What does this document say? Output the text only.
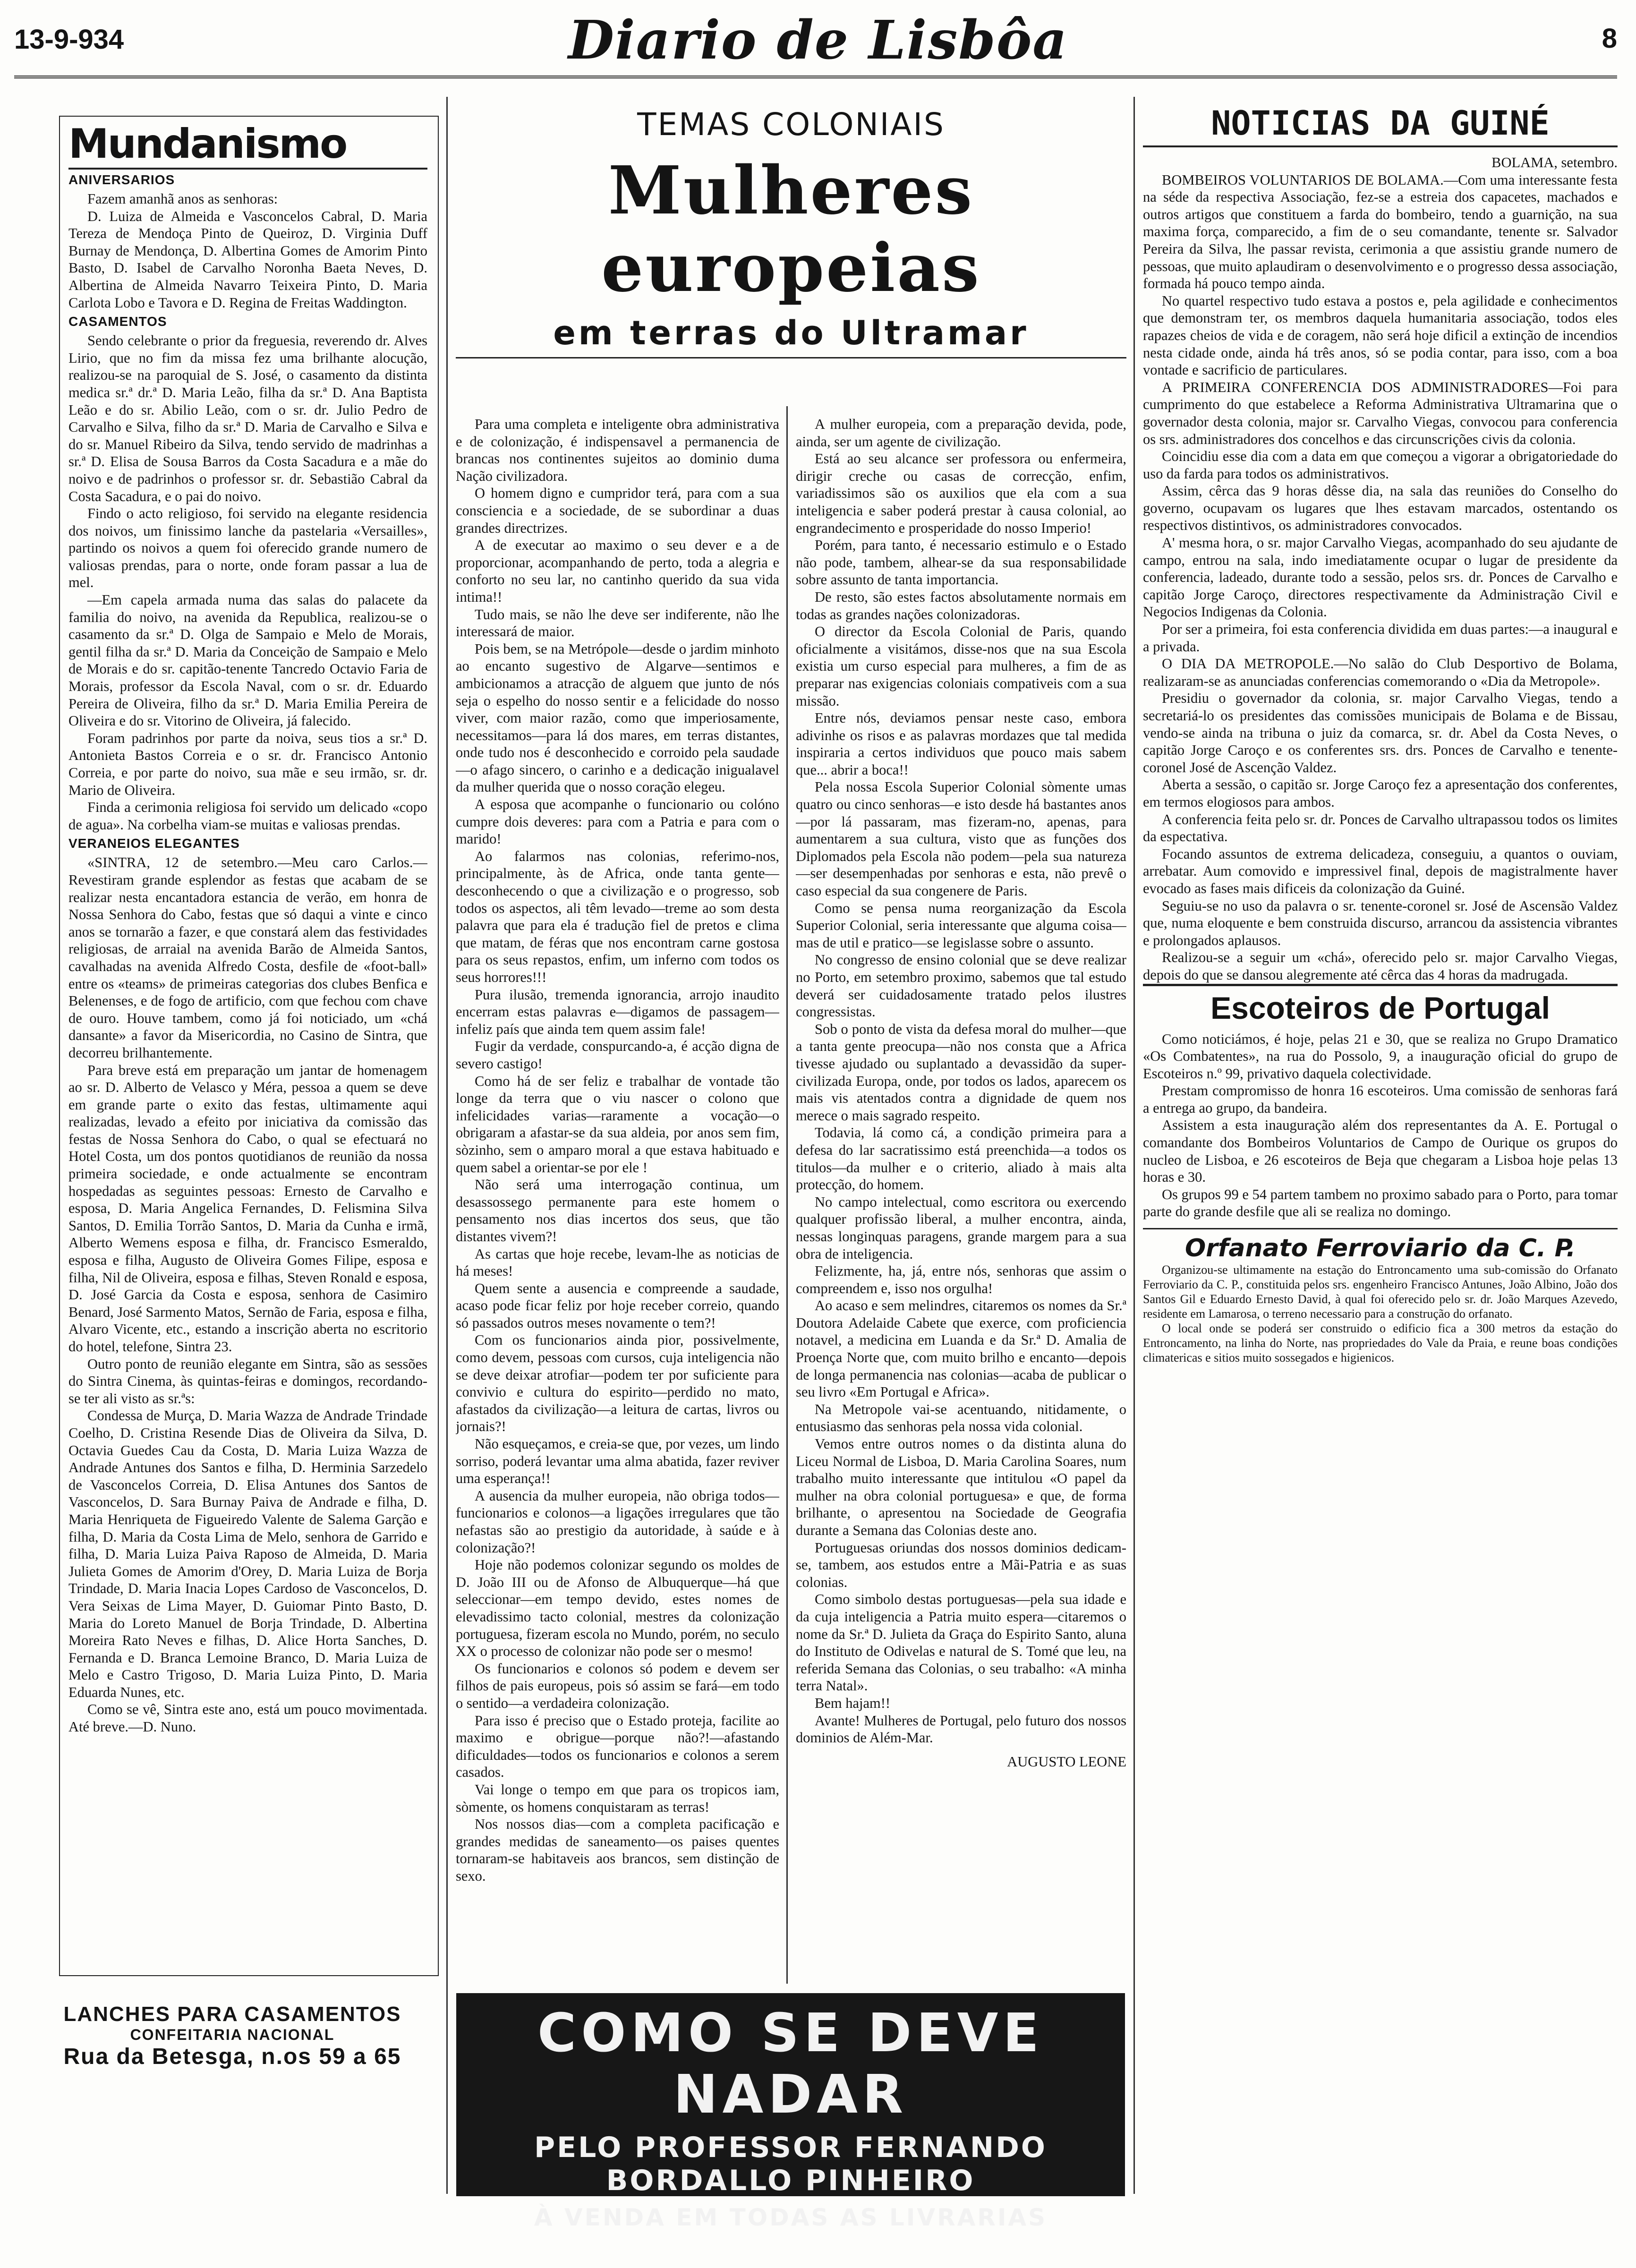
13-9-934	Diario de Lisbôa	8
Mundanismo

ANIVERSARIOS

Fazem amanhã anos as senhoras:

D. Luiza de Almeida e Vasconcelos Cabral, D. Maria Tereza de Mendoça Pinto de Queiroz, D. Virginia Duff Burnay de Mendonça, D. Albertina Gomes de Amorim Pinto Basto, D. Isabel de Carvalho Noronha Baeta Neves, D. Albertina de Almeida Navarro Teixeira Pinto, D. Maria Carlota Lobo e Tavora e D. Regina de Freitas Waddington.

CASAMENTOS

Sendo celebrante o prior da freguesia, reverendo dr. Alves Lirio, que no fim da missa fez uma brilhante alocução, realizou-se na paroquial de S. José, o casamento da distinta medica sr.ª dr.ª D. Maria Leão, filha da sr.ª D. Ana Baptista Leão e do sr. Abilio Leão, com o sr. dr. Julio Pedro de Carvalho e Silva, filho da sr.ª D. Maria de Carvalho e Silva e do sr. Manuel Ribeiro da Silva, tendo servido de madrinhas a sr.ª D. Elisa de Sousa Barros da Costa Sacadura e a mãe do noivo e de padrinhos o professor sr. dr. Sebastião Cabral da Costa Sacadura, e o pai do noivo.

Findo o acto religioso, foi servido na elegante residencia dos noivos, um finissimo lanche da pastelaria «Versailles», partindo os noivos a quem foi oferecido grande numero de valiosas prendas, para o norte, onde foram passar a lua de mel.

—Em capela armada numa das salas do palacete da familia do noivo, na avenida da Republica, realizou-se o casamento da sr.ª D. Olga de Sampaio e Melo de Morais, gentil filha da sr.ª D. Maria da Conceição de Sampaio e Melo de Morais e do sr. capitão-tenente Tancredo Octavio Faria de Morais, professor da Escola Naval, com o sr. dr. Eduardo Pereira de Oliveira, filho da sr.ª D. Maria Emilia Pereira de Oliveira e do sr. Vitorino de Oliveira, já falecido.

Foram padrinhos por parte da noiva, seus tios a sr.ª D. Antonieta Bastos Correia e o sr. dr. Francisco Antonio Correia, e por parte do noivo, sua mãe e seu irmão, sr. dr. Mario de Oliveira.

Finda a cerimonia religiosa foi servido um delicado «copo de agua». Na corbelha viam-se muitas e valiosas prendas.

VERANEIOS ELEGANTES

«SINTRA, 12 de setembro.—Meu caro Carlos.—Revestiram grande esplendor as festas que acabam de se realizar nesta encantadora estancia de verão, em honra de Nossa Senhora do Cabo, festas que só daqui a vinte e cinco anos se tornarão a fazer, e que constará alem das festividades religiosas, de arraial na avenida Barão de Almeida Santos, cavalhadas na avenida Alfredo Costa, desfile de «foot-ball» entre os «teams» de primeiras categorias dos clubes Benfica e Belenenses, e de fogo de artificio, com que fechou com chave de ouro. Houve tambem, como já foi noticiado, um «chá dansante» a favor da Misericordia, no Casino de Sintra, que decorreu brilhantemente.

Para breve está em preparação um jantar de homenagem ao sr. D. Alberto de Velasco y Méra, pessoa a quem se deve em grande parte o exito das festas, ultimamente aqui realizadas, levado a efeito por iniciativa da comissão das festas de Nossa Senhora do Cabo, o qual se efectuará no Hotel Costa, um dos pontos quotidianos de reunião da nossa primeira sociedade, e onde actualmente se encontram hospedadas as seguintes pessoas: Ernesto de Carvalho e esposa, D. Maria Angelica Fernandes, D. Felismina Silva Santos, D. Emilia Torrão Santos, D. Maria da Cunha e irmã, Alberto Wemens esposa e filha, dr. Francisco Esmeraldo, esposa e filha, Augusto de Oliveira Gomes Filipe, esposa e filha, Nil de Oliveira, esposa e filhas, Steven Ronald e esposa, D. José Garcia da Costa e esposa, senhora de Casimiro Benard, José Sarmento Matos, Sernão de Faria, esposa e filha, Alvaro Vicente, etc., estando a inscrição aberta no escritorio do hotel, telefone, Sintra 23.

Outro ponto de reunião elegante em Sintra, são as sessões do Sintra Cinema, às quintas-feiras e domingos, recordando-se ter ali visto as sr.ªs:

Condessa de Murça, D. Maria Wazza de Andrade Trindade Coelho, D. Cristina Resende Dias de Oliveira da Silva, D. Octavia Guedes Cau da Costa, D. Maria Luiza Wazza de Andrade Antunes dos Santos e filha, D. Herminia Sarzedelo de Vasconcelos Correia, D. Elisa Antunes dos Santos de Vasconcelos, D. Sara Burnay Paiva de Andrade e filha, D. Maria Henriqueta de Figueiredo Valente de Salema Garção e filha, D. Maria da Costa Lima de Melo, senhora de Garrido e filha, D. Maria Luiza Paiva Raposo de Almeida, D. Maria Julieta Gomes de Amorim d'Orey, D. Maria Luiza de Borja Trindade, D. Maria Inacia Lopes Cardoso de Vasconcelos, D. Vera Seixas de Lima Mayer, D. Guiomar Pinto Basto, D. Maria do Loreto Manuel de Borja Trindade, D. Albertina Moreira Rato Neves e filhas, D. Alice Horta Sanches, D. Fernanda e D. Branca Lemoine Branco, D. Maria Luiza de Melo e Castro Trigoso, D. Maria Luiza Pinto, D. Maria Eduarda Nunes, etc.

Como se vê, Sintra este ano, está um pouco movimentada. Até breve.—D. Nuno.

LANCHES PARA CASAMENTOS
CONFEITARIA NACIONAL
Rua da Betesga, n.os 59 a 65
TEMAS COLONIAIS
Mulheres europeias
em terras do Ultramar

Para uma completa e inteligente obra administrativa e de colonização, é indispensavel a permanencia de brancas nos continentes sujeitos ao dominio duma Nação civilizadora.

O homem digno e cumpridor terá, para com a sua consciencia e a sociedade, de se subordinar a duas grandes directrizes.

A de executar ao maximo o seu dever e a de proporcionar, acompanhando de perto, toda a alegria e conforto no seu lar, no cantinho querido da sua vida intima!!

Tudo mais, se não lhe deve ser indiferente, não lhe interessará de maior.

Pois bem, se na Metrópole—desde o jardim minhoto ao encanto sugestivo de Algarve—sentimos e ambicionamos a atracção de alguem que junto de nós seja o espelho do nosso sentir e a felicidade do nosso viver, com maior razão, como que imperiosamente, necessitamos—para lá dos mares, em terras distantes, onde tudo nos é desconhecido e corroido pela saudade—o afago sincero, o carinho e a dedicação inigualavel da mulher querida que o nosso coração elegeu.

A esposa que acompanhe o funcionario ou colóno cumpre dois deveres: para com a Patria e para com o marido!

Ao falarmos nas colonias, referimo-nos, principalmente, às de Africa, onde tanta gente—desconhecendo o que a civilização e o progresso, sob todos os aspectos, ali têm levado—treme ao som desta palavra que para ela é tradução fiel de pretos e clima que matam, de féras que nos encontram carne gostosa para os seus repastos, enfim, um inferno com todos os seus horrores!!!

Pura ilusão, tremenda ignorancia, arrojo inaudito encerram estas palavras e—digamos de passagem—infeliz país que ainda tem quem assim fale!

Fugir da verdade, conspurcando-a, é acção digna de severo castigo!

Como há de ser feliz e trabalhar de vontade tão longe da terra que o viu nascer o colono que infelicidades varias—raramente a vocação—o obrigaram a afastar-se da sua aldeia, por anos sem fim, sòzinho, sem o amparo moral a que estava habituado e quem sabel a orientar-se por ele !

Não será uma interrogação continua, um desassossego permanente para este homem o pensamento nos dias incertos dos seus, que tão distantes vivem?!

As cartas que hoje recebe, levam-lhe as noticias de há meses!

Quem sente a ausencia e compreende a saudade, acaso pode ficar feliz por hoje receber correio, quando só passados outros meses novamente o tem?!

Com os funcionarios ainda pior, possivelmente, como devem, pessoas com cursos, cuja inteligencia não se deve deixar atrofiar—podem ter por suficiente para convivio e cultura do espirito—perdido no mato, afastados da civilização—a leitura de cartas, livros ou jornais?!

Não esqueçamos, e creia-se que, por vezes, um lindo sorriso, poderá levantar uma alma abatida, fazer reviver uma esperança!!

A ausencia da mulher europeia, não obriga todos—funcionarios e colonos—a ligações irregulares que tão nefastas são ao prestigio da autoridade, à saúde e à colonização?!

Hoje não podemos colonizar segundo os moldes de D. João III ou de Afonso de Albuquerque—há que seleccionar—em tempo devido, estes nomes de elevadissimo tacto colonial, mestres da colonização portuguesa, fizeram escola no Mundo, porém, no seculo XX o processo de colonizar não pode ser o mesmo!

Os funcionarios e colonos só podem e devem ser filhos de pais europeus, pois só assim se fará—em todo o sentido—a verdadeira colonização.

Para isso é preciso que o Estado proteja, facilite ao maximo e obrigue—porque não?!—afastando dificuldades—todos os funcionarios e colonos a serem casados.

Vai longe o tempo em que para os tropicos iam, sòmente, os homens conquistaram as terras!

Nos nossos dias—com a completa pacificação e grandes medidas de saneamento—os paises quentes tornaram-se habitaveis aos brancos, sem distinção de sexo.

A mulher europeia, com a preparação devida, pode, ainda, ser um agente de civilização.

Está ao seu alcance ser professora ou enfermeira, dirigir creche ou casas de correcção, enfim, variadissimos são os auxilios que ela com a sua inteligencia e saber poderá prestar à causa colonial, ao engrandecimento e prosperidade do nosso Imperio!

Porém, para tanto, é necessario estimulo e o Estado não pode, tambem, alhear-se da sua responsabilidade sobre assunto de tanta importancia.

De resto, são estes factos absolutamente normais em todas as grandes nações colonizadoras.

O director da Escola Colonial de Paris, quando oficialmente a visitámos, disse-nos que na sua Escola existia um curso especial para mulheres, a fim de as preparar nas exigencias coloniais compativeis com a sua missão.

Entre nós, deviamos pensar neste caso, embora adivinhe os risos e as palavras mordazes que tal medida inspiraria a certos individuos que pouco mais sabem que... abrir a boca!!

Pela nossa Escola Superior Colonial sòmente umas quatro ou cinco senhoras—e isto desde há bastantes anos—por lá passaram, mas fizeram-no, apenas, para aumentarem a sua cultura, visto que as funções dos Diplomados pela Escola não podem—pela sua natureza—ser desempenhadas por senhoras e esta, não prevê o caso especial da sua congenere de Paris.

Como se pensa numa reorganização da Escola Superior Colonial, seria interessante que alguma coisa—mas de util e pratico—se legislasse sobre o assunto.

No congresso de ensino colonial que se deve realizar no Porto, em setembro proximo, sabemos que tal estudo deverá ser cuidadosamente tratado pelos ilustres congressistas.

Sob o ponto de vista da defesa moral do mulher—que a tanta gente preocupa—não nos consta que a Africa tivesse ajudado ou suplantado a devassidão da super-civilizada Europa, onde, por todos os lados, aparecem os mais vis atentados contra a dignidade de quem nos merece o mais sagrado respeito.

Todavia, lá como cá, a condição primeira para a defesa do lar sacratissimo está preenchida—a todos os titulos—da mulher e o criterio, aliado à mais alta protecção, do homem.

No campo intelectual, como escritora ou exercendo qualquer profissão liberal, a mulher encontra, ainda, nessas longinquas paragens, grande margem para a sua obra de inteligencia.

Felizmente, ha, já, entre nós, senhoras que assim o compreendem e, isso nos orgulha!

Ao acaso e sem melindres, citaremos os nomes da Sr.ª Doutora Adelaide Cabete que exerce, com proficiencia notavel, a medicina em Luanda e da Sr.ª D. Amalia de Proença Norte que, com muito brilho e encanto—depois de longa permanencia nas colonias—acaba de publicar o seu livro «Em Portugal e Africa».

Na Metropole vai-se acentuando, nitidamente, o entusiasmo das senhoras pela nossa vida colonial.

Vemos entre outros nomes o da distinta aluna do Liceu Normal de Lisboa, D. Maria Carolina Soares, num trabalho muito interessante que intitulou «O papel da mulher na obra colonial portuguesa» e que, de forma brilhante, o apresentou na Sociedade de Geografia durante a Semana das Colonias deste ano.

Portuguesas oriundas dos nossos dominios dedicam-se, tambem, aos estudos entre a Mãi-Patria e as suas colonias.

Como simbolo destas portuguesas—pela sua idade e da cuja inteligencia a Patria muito espera—citaremos o nome da Sr.ª D. Julieta da Graça do Espirito Santo, aluna do Instituto de Odivelas e natural de S. Tomé que leu, na referida Semana das Colonias, o seu trabalho: «A minha terra Natal».

Bem hajam!!

Avante! Mulheres de Portugal, pelo futuro dos nossos dominios de Além-Mar.

AUGUSTO LEONE

COMO SE DEVE NADAR
PELO PROFESSOR FERNANDO BORDALLO PINHEIRO
À VENDA EM TODAS AS LIVRARIAS
NOTICIAS DA GUINÉ
BOLAMA, setembro.

BOMBEIROS VOLUNTARIOS DE BOLAMA.—Com uma interessante festa na séde da respectiva Associação, fez-se a estreia dos capacetes, machados e outros artigos que constituem a farda do bombeiro, tendo a guarnição, na sua maxima força, comparecido, a fim de o seu comandante, tenente sr. Salvador Pereira da Silva, lhe passar revista, cerimonia a que assistiu grande numero de pessoas, que muito aplaudiram o desenvolvimento e o progresso dessa associação, formada há pouco tempo ainda.

No quartel respectivo tudo estava a postos e, pela agilidade e conhecimentos que demonstram ter, os membros daquela humanitaria associação, todos eles rapazes cheios de vida e de coragem, não será hoje dificil a extinção de incendios nesta cidade onde, ainda há três anos, só se podia contar, para isso, com a boa vontade e sacrificio de particulares.

A PRIMEIRA CONFERENCIA DOS ADMINISTRADORES—Foi para cumprimento do que estabelece a Reforma Administrativa Ultramarina que o governador desta colonia, major sr. Carvalho Viegas, convocou para conferencia os srs. administradores dos concelhos e das circunscrições civis da colonia.

Coincidiu esse dia com a data em que começou a vigorar a obrigatoriedade do uso da farda para todos os administrativos.

Assim, cêrca das 9 horas dêsse dia, na sala das reuniões do Conselho do governo, ocupavam os lugares que lhes estavam marcados, ostentando os respectivos distintivos, os administradores convocados.

A' mesma hora, o sr. major Carvalho Viegas, acompanhado do seu ajudante de campo, entrou na sala, indo imediatamente ocupar o lugar de presidente da conferencia, ladeado, durante todo a sessão, pelos srs. dr. Ponces de Carvalho e capitão Jorge Caroço, directores respectivamente da Administração Civil e Negocios Indigenas da Colonia.

Por ser a primeira, foi esta conferencia dividida em duas partes:—a inaugural e a privada.

O DIA DA METROPOLE.—No salão do Club Desportivo de Bolama, realizaram-se as anunciadas conferencias comemorando o «Dia da Metropole».

Presidiu o governador da colonia, sr. major Carvalho Viegas, tendo a secretariá-lo os presidentes das comissões municipais de Bolama e de Bissau, vendo-se ainda na tribuna o juiz da comarca, sr. dr. Abel da Costa Neves, o capitão Jorge Caroço e os conferentes srs. drs. Ponces de Carvalho e tenente-coronel José de Ascenção Valdez.

Aberta a sessão, o capitão sr. Jorge Caroço fez a apresentação dos conferentes, em termos elogiosos para ambos.

A conferencia feita pelo sr. dr. Ponces de Carvalho ultrapassou todos os limites da espectativa.

Focando assuntos de extrema delicadeza, conseguiu, a quantos o ouviam, arrebatar. Aum comovido e impressivel final, depois de magistralmente haver evocado as fases mais dificeis da colonização da Guiné.

Seguiu-se no uso da palavra o sr. tenente-coronel sr. José de Ascensão Valdez que, numa eloquente e bem construida discurso, arrancou da assistencia vibrantes e prolongados aplausos.

Realizou-se a seguir um «chá», oferecido pelo sr. major Carvalho Viegas, depois do que se dansou alegremente até cêrca das 4 horas da madrugada.

Escoteiros de Portugal

Como noticiámos, é hoje, pelas 21 e 30, que se realiza no Grupo Dramatico «Os Combatentes», na rua do Possolo, 9, a inauguração oficial do grupo de Escoteiros n.º 99, privativo daquela colectividade.

Prestam compromisso de honra 16 escoteiros. Uma comissão de senhoras fará a entrega ao grupo, da bandeira.

Assistem a esta inauguração além dos representantes da A. E. Portugal o comandante dos Bombeiros Voluntarios de Campo de Ourique os grupos do nucleo de Lisboa, e 26 escoteiros de Beja que chegaram a Lisboa hoje pelas 13 horas e 30.

Os grupos 99 e 54 partem tambem no proximo sabado para o Porto, para tomar parte do grande desfile que ali se realiza no domingo.

Orfanato Ferroviario da C. P.

Organizou-se ultimamente na estação do Entroncamento uma sub-comissão do Orfanato Ferroviario da C. P., constituida pelos srs. engenheiro Francisco Antunes, João Albino, João dos Santos Gil e Eduardo Ernesto David, à qual foi oferecido pelo sr. dr. João Marques Azevedo, residente em Lamarosa, o terreno necessario para a construção do orfanato.

O local onde se poderá ser construido o edificio fica a 300 metros da estação do Entroncamento, na linha do Norte, nas propriedades do Vale da Praia, e reune boas condições climatericas e sitios muito sossegados e higienicos.
